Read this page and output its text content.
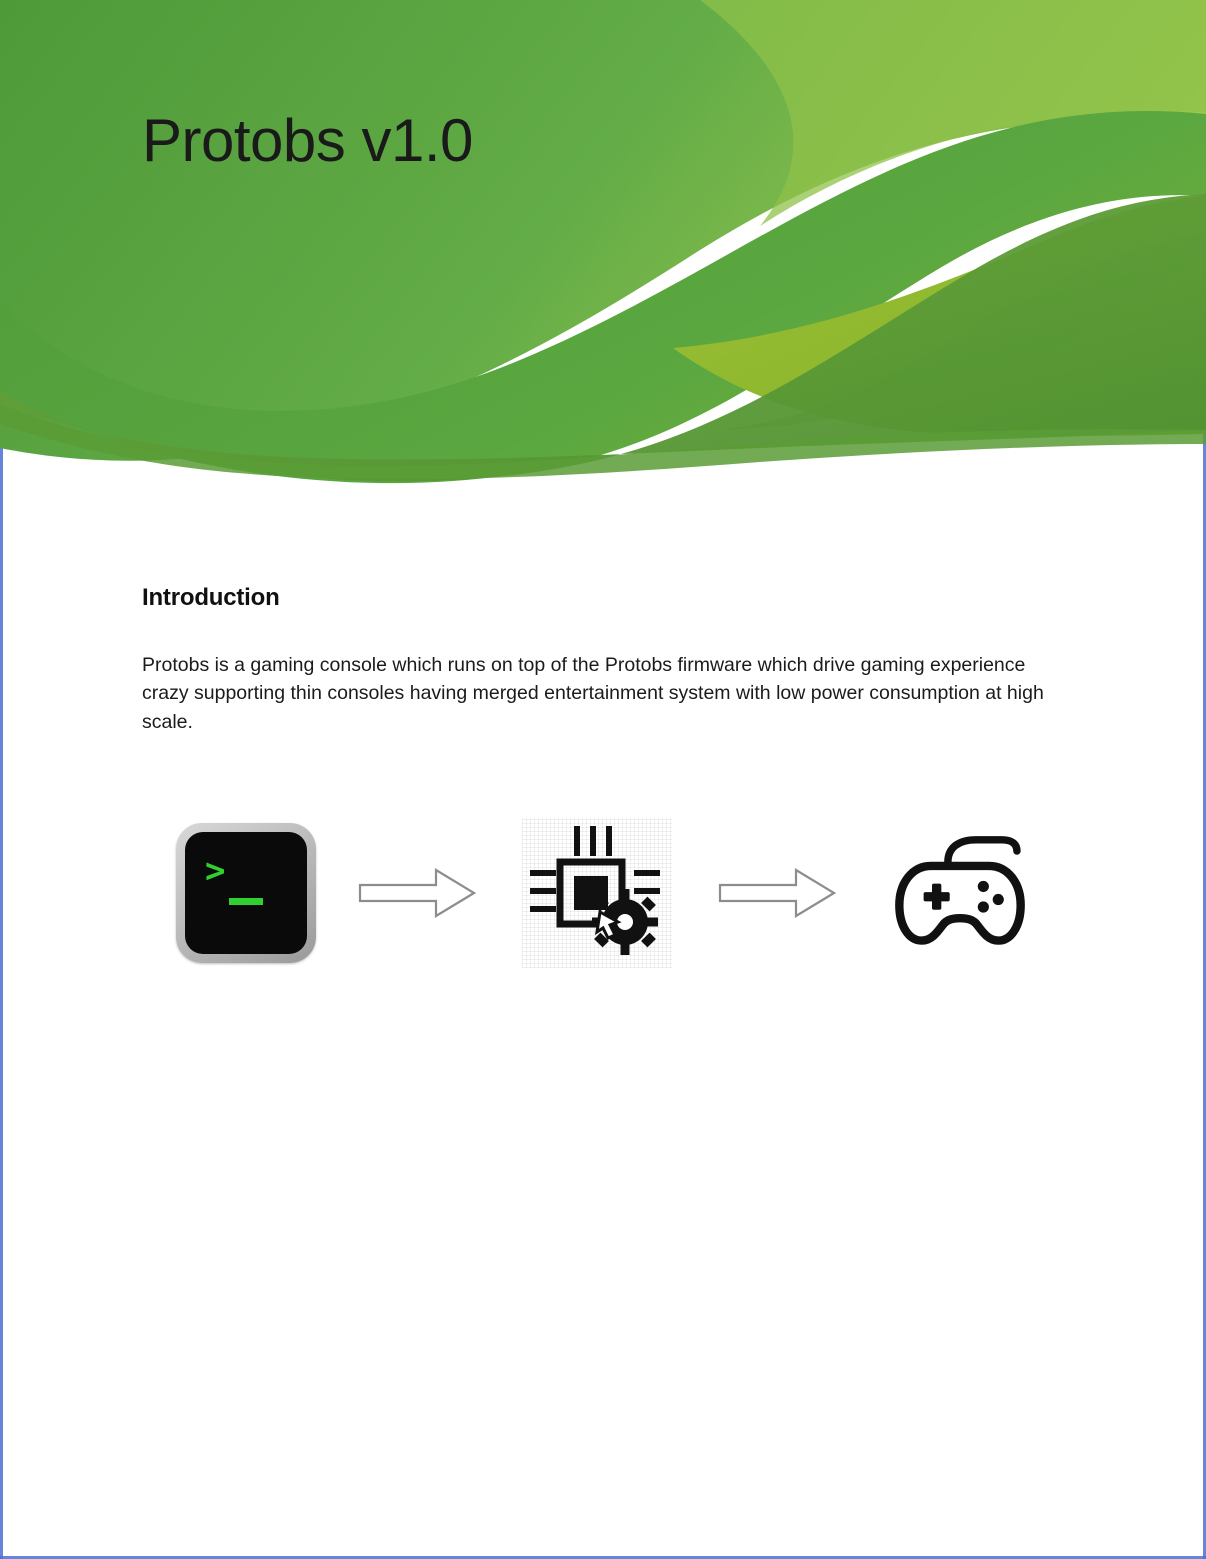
Protobs v1.0
Introduction

Protobs is a gaming console which runs on top of the Protobs firmware which drive gaming experience crazy supporting thin consoles having merged entertainment system with low power consumption at high scale.

>
